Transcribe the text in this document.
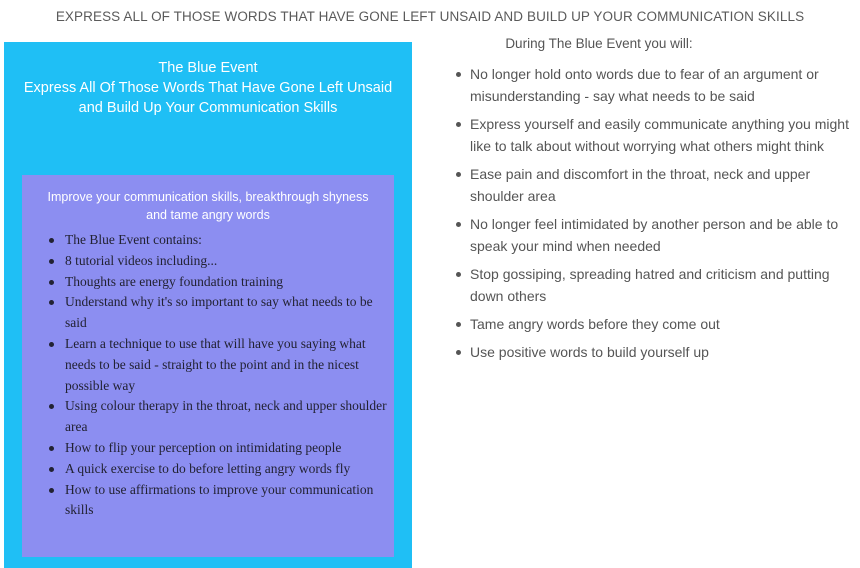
EXPRESS ALL OF THOSE WORDS THAT HAVE GONE LEFT UNSAID AND BUILD UP YOUR COMMUNICATION SKILLS
The Blue Event
Express All Of Those Words That Have Gone Left Unsaid
and Build Up Your Communication Skills
Improve your communication skills, breakthrough shyness
and tame angry words
The Blue Event contains:
8 tutorial videos including...
Thoughts are energy foundation training
Understand why it's so important to say what needs to be said
Learn a technique to use that will have you saying what needs to be said - straight to the point and in the nicest possible way
Using colour therapy in the throat, neck and upper shoulder area
How to flip your perception on intimidating people
A quick exercise to do before letting angry words fly
How to use affirmations to improve your communication skills
During The Blue Event you will:
No longer hold onto words due to fear of an argument or misunderstanding - say what needs to be said
Express yourself and easily communicate anything you might like to talk about without worrying what others might think
Ease pain and discomfort in the throat, neck and upper shoulder area
No longer feel intimidated by another person and be able to speak your mind when needed
Stop gossiping, spreading hatred and criticism and putting down others
Tame angry words before they come out
Use positive words to build yourself up
